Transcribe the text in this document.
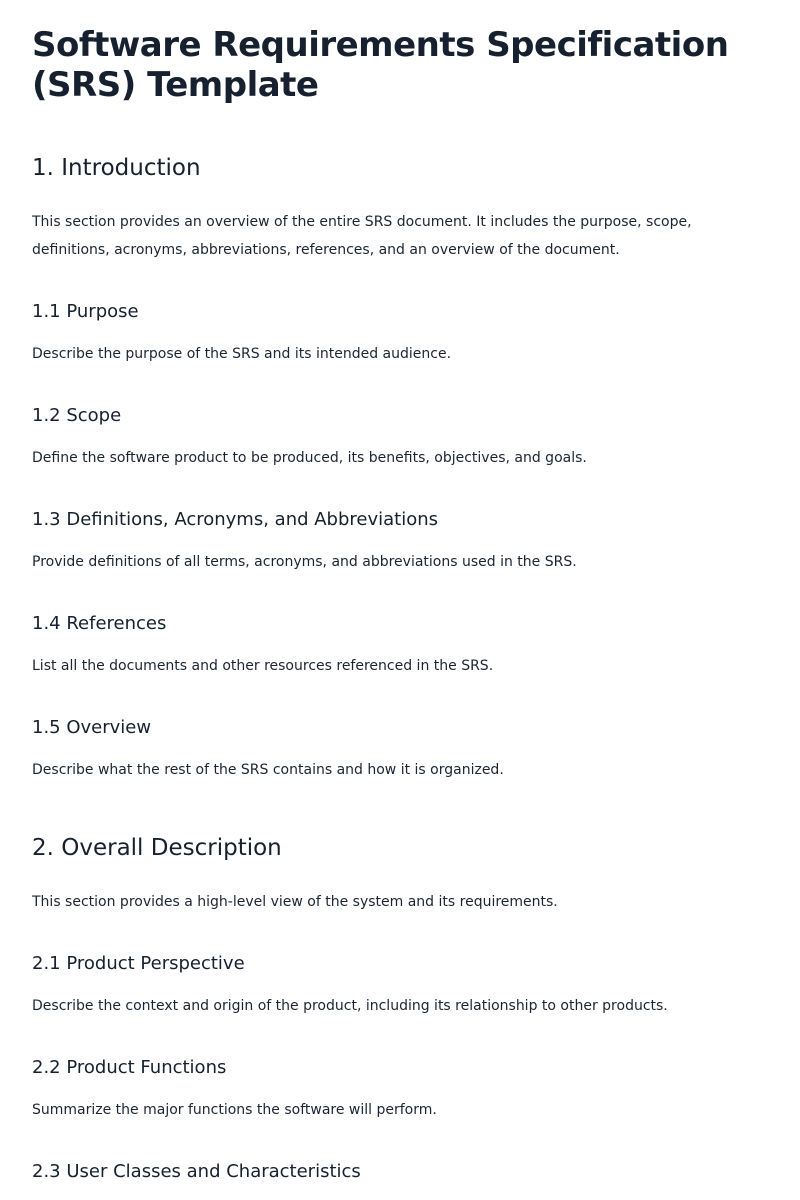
Software Requirements Specification (SRS) Template
1. Introduction

This section provides an overview of the entire SRS document. It includes the purpose, scope, definitions, acronyms, abbreviations, references, and an overview of the document.

1.1 Purpose

Describe the purpose of the SRS and its intended audience.

1.2 Scope

Define the software product to be produced, its benefits, objectives, and goals.

1.3 Definitions, Acronyms, and Abbreviations

Provide definitions of all terms, acronyms, and abbreviations used in the SRS.

1.4 References

List all the documents and other resources referenced in the SRS.

1.5 Overview

Describe what the rest of the SRS contains and how it is organized.

2. Overall Description

This section provides a high-level view of the system and its requirements.

2.1 Product Perspective

Describe the context and origin of the product, including its relationship to other products.

2.2 Product Functions

Summarize the major functions the software will perform.

2.3 User Classes and Characteristics
